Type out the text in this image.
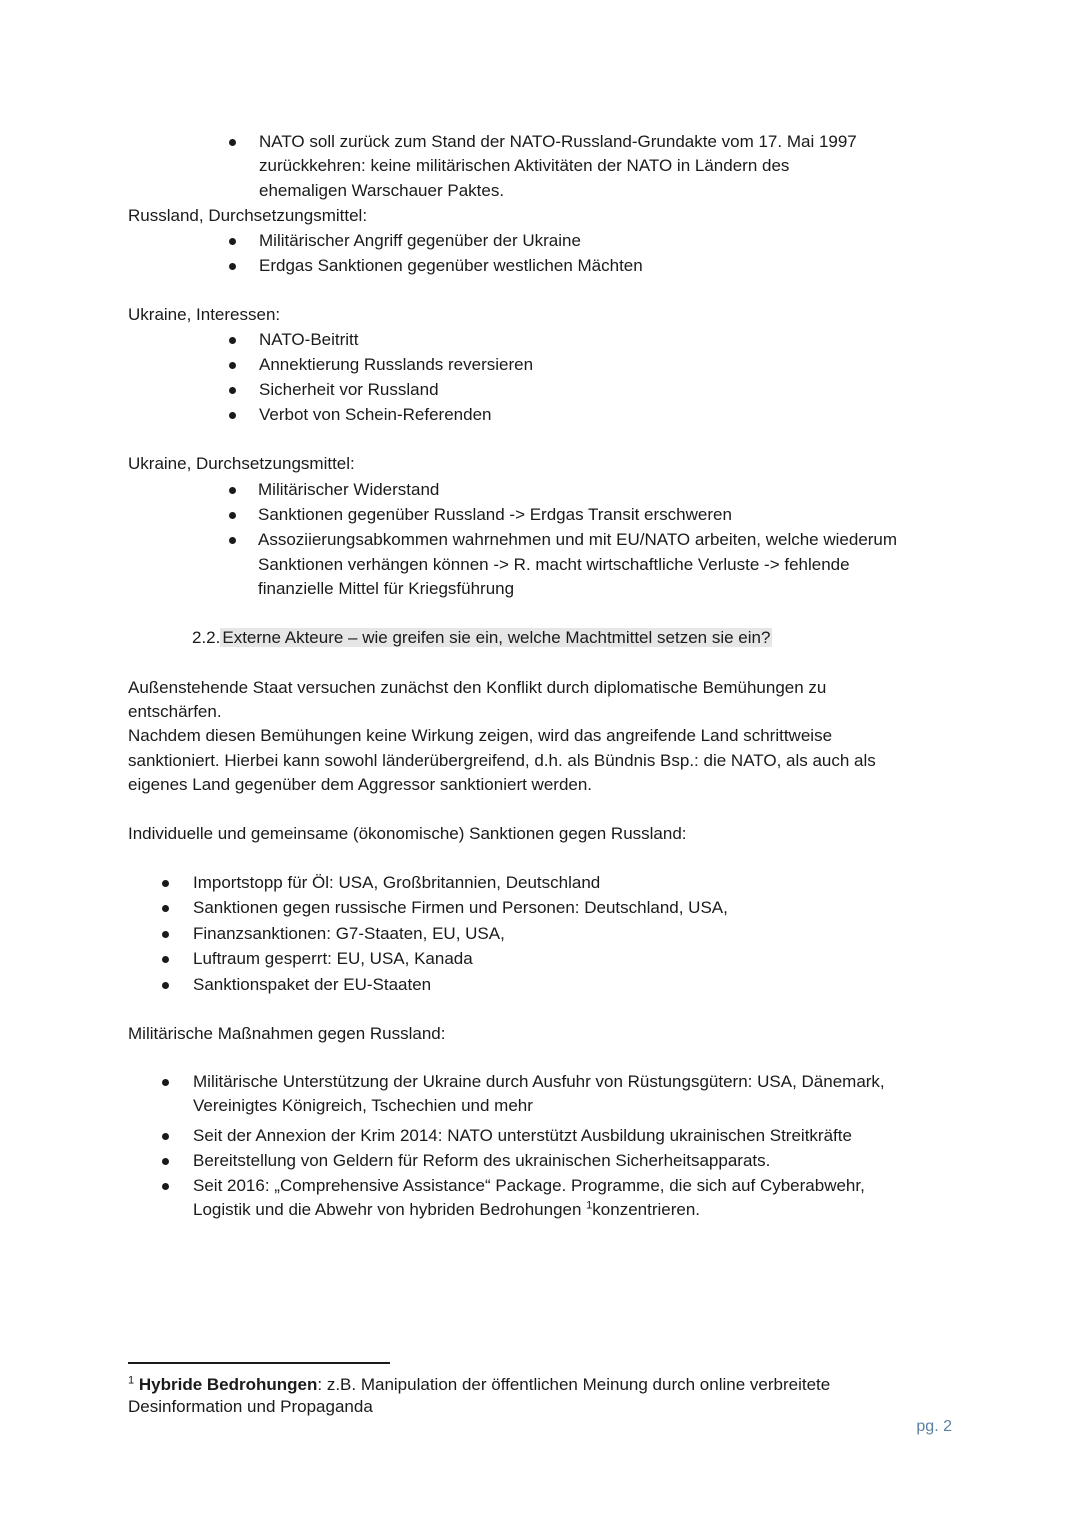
NATO soll zurück zum Stand der NATO-Russland-Grundakte vom 17. Mai 1997
zurückkehren: keine militärischen Aktivitäten der NATO in Ländern des
ehemaligen Warschauer Paktes.
Russland, Durchsetzungsmittel:
Militärischer Angriff gegenüber der Ukraine
Erdgas Sanktionen gegenüber westlichen Mächten
Ukraine, Interessen:
NATO-Beitritt
Annektierung Russlands reversieren
Sicherheit vor Russland
Verbot von Schein-Referenden
Ukraine, Durchsetzungsmittel:
Militärischer Widerstand
Sanktionen gegenüber Russland -> Erdgas Transit erschweren
Assoziierungsabkommen wahrnehmen und mit EU/NATO arbeiten, welche wiederum
Sanktionen verhängen können -> R. macht wirtschaftliche Verluste -> fehlende
finanzielle Mittel für Kriegsführung
2.2. Externe Akteure – wie greifen sie ein, welche Machtmittel setzen sie ein?
Außenstehende Staat versuchen zunächst den Konflikt durch diplomatische Bemühungen zu
entschärfen.
Nachdem diesen Bemühungen keine Wirkung zeigen, wird das angreifende Land schrittweise
sanktioniert. Hierbei kann sowohl länderübergreifend, d.h. als Bündnis Bsp.: die NATO, als auch als
eigenes Land gegenüber dem Aggressor sanktioniert werden.
Individuelle und gemeinsame (ökonomische) Sanktionen gegen Russland:
Importstopp für Öl: USA, Großbritannien, Deutschland
Sanktionen gegen russische Firmen und Personen: Deutschland, USA,
Finanzsanktionen: G7-Staaten, EU, USA,
Luftraum gesperrt: EU, USA, Kanada
Sanktionspaket der EU-Staaten
Militärische Maßnahmen gegen Russland:
Militärische Unterstützung der Ukraine durch Ausfuhr von Rüstungsgütern: USA, Dänemark,
Vereinigtes Königreich, Tschechien und mehr
Seit der Annexion der Krim 2014: NATO unterstützt Ausbildung ukrainischen Streitkräfte
Bereitstellung von Geldern für Reform des ukrainischen Sicherheitsapparats.
Seit 2016: „Comprehensive Assistance“ Package. Programme, die sich auf Cyberabwehr,
Logistik und die Abwehr von hybriden Bedrohungen $^1$konzentrieren.
$^1$ Hybride Bedrohungen: z.B. Manipulation der öffentlichen Meinung durch online verbreitete
Desinformation und Propaganda
pg. 2
